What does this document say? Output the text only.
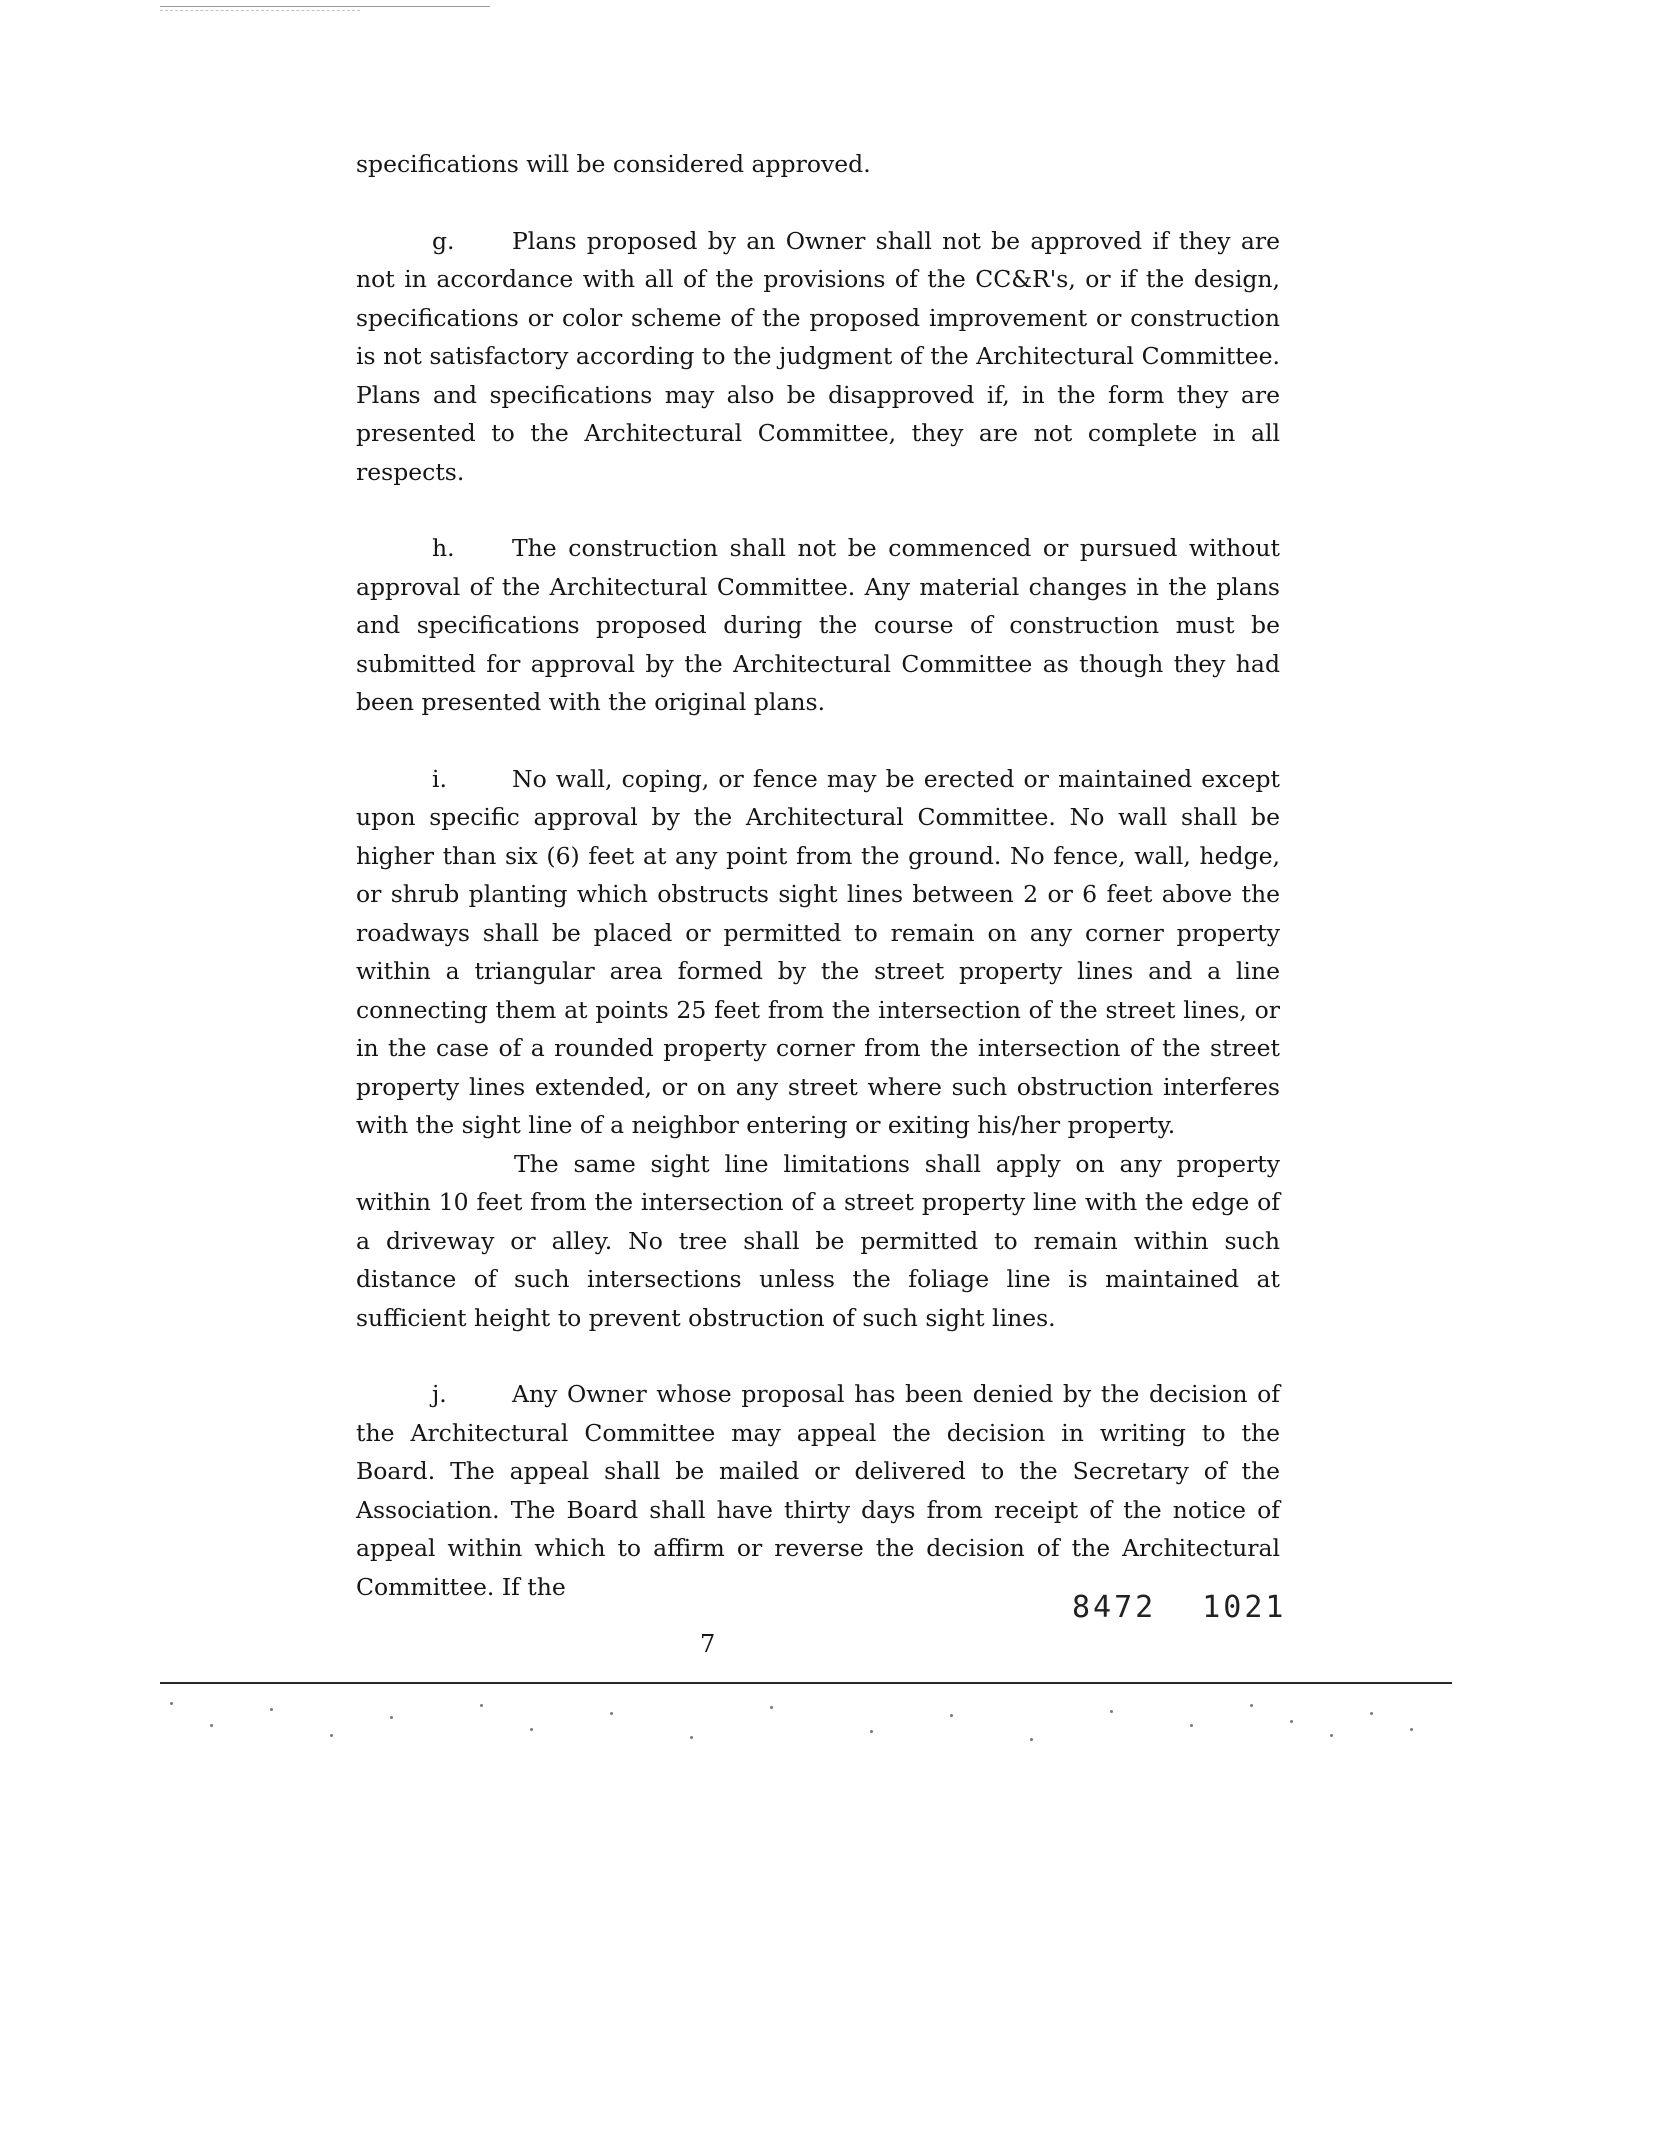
specifications will be considered approved.

g. Plans proposed by an Owner shall not be approved if they are not in accordance with all of the provisions of the CC&R's, or if the design, specifications or color scheme of the proposed improvement or construction is not satisfactory according to the judgment of the Architectural Committee. Plans and specifications may also be disapproved if, in the form they are presented to the Architectural Committee, they are not complete in all respects.

h. The construction shall not be commenced or pursued without approval of the Architectural Committee. Any material changes in the plans and specifications proposed during the course of construction must be submitted for approval by the Architectural Committee as though they had been presented with the original plans.

i.	No wall, coping, or fence may be erected or maintained except upon specific approval by the Architectural Committee. No wall shall be higher than six (6) feet at any point from the ground. No fence, wall, hedge, or shrub planting which obstructs sight lines between 2 or 6 feet above the roadways shall be placed or permitted to remain on any corner property within a triangular area formed by the street property lines and a line connecting them at points 25 feet from the intersection of the street lines, or in the case of a rounded property corner from the intersection of the street property lines extended, or on any street where such obstruction interferes with the sight line of a neighbor entering or exiting his/her property.

The same sight line limitations shall apply on any property within 10 feet from the intersection of a street property line with the edge of a driveway or alley. No tree shall be permitted to remain within such distance of such intersections unless the foliage line is maintained at sufficient height to prevent obstruction of such sight lines.

j.	Any Owner whose proposal has been denied by the decision of the Architectural Committee may appeal the decision in writing to the Board. The appeal shall be mailed or delivered to the Secretary of the Association. The Board shall have thirty days from receipt of the notice of appeal within which to affirm or reverse the decision of the Architectural Committee. If the

8472 1021
7
